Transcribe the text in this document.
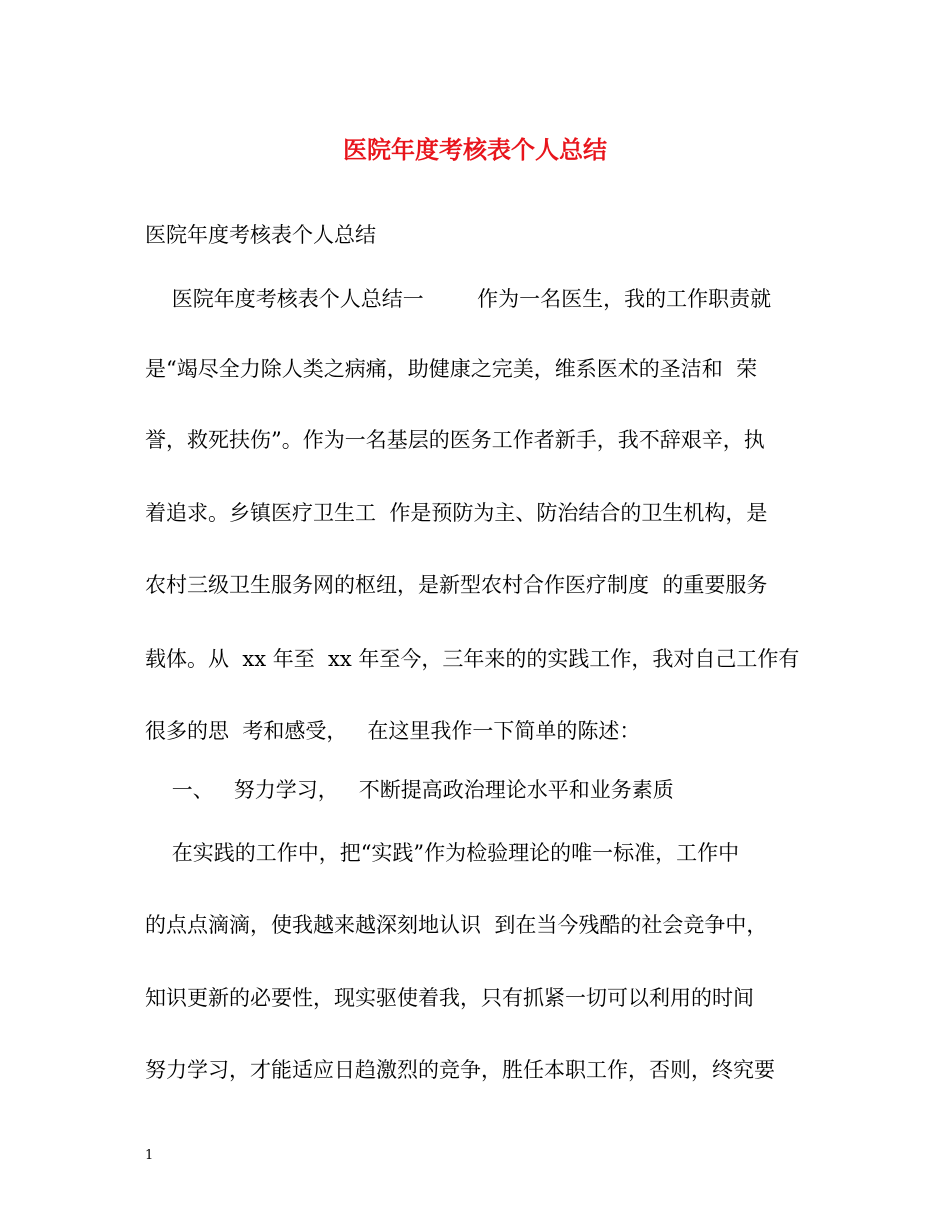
医院年度考核表个人总结
医院年度考核表个人总结
医院年度考核表个人总结一        作为一名医生，我的工作职责就
是“竭尽全力除人类之病痛，助健康之完美，维系医术的圣洁和  荣
誉，救死扶伤”。作为一名基层的医务工作者新手，我不辞艰辛，执
着追求。乡镇医疗卫生工  作是预防为主、防治结合的卫生机构，是
农村三级卫生服务网的枢纽，是新型农村合作医疗制度  的重要服务
载体。从  xx 年至  xx 年至今，三年来的的实践工作，我对自己工作有
很多的思  考和感受，   在这里我作一下简单的陈述：
一、   努力学习，   不断提高政治理论水平和业务素质
在实践的工作中，把“实践”作为检验理论的唯一标准，工作中
的点点滴滴，使我越来越深刻地认识  到在当今残酷的社会竞争中，
知识更新的必要性，现实驱使着我，只有抓紧一切可以利用的时间
努力学习，才能适应日趋激烈的竞争，胜任本职工作，否则，终究要
1
